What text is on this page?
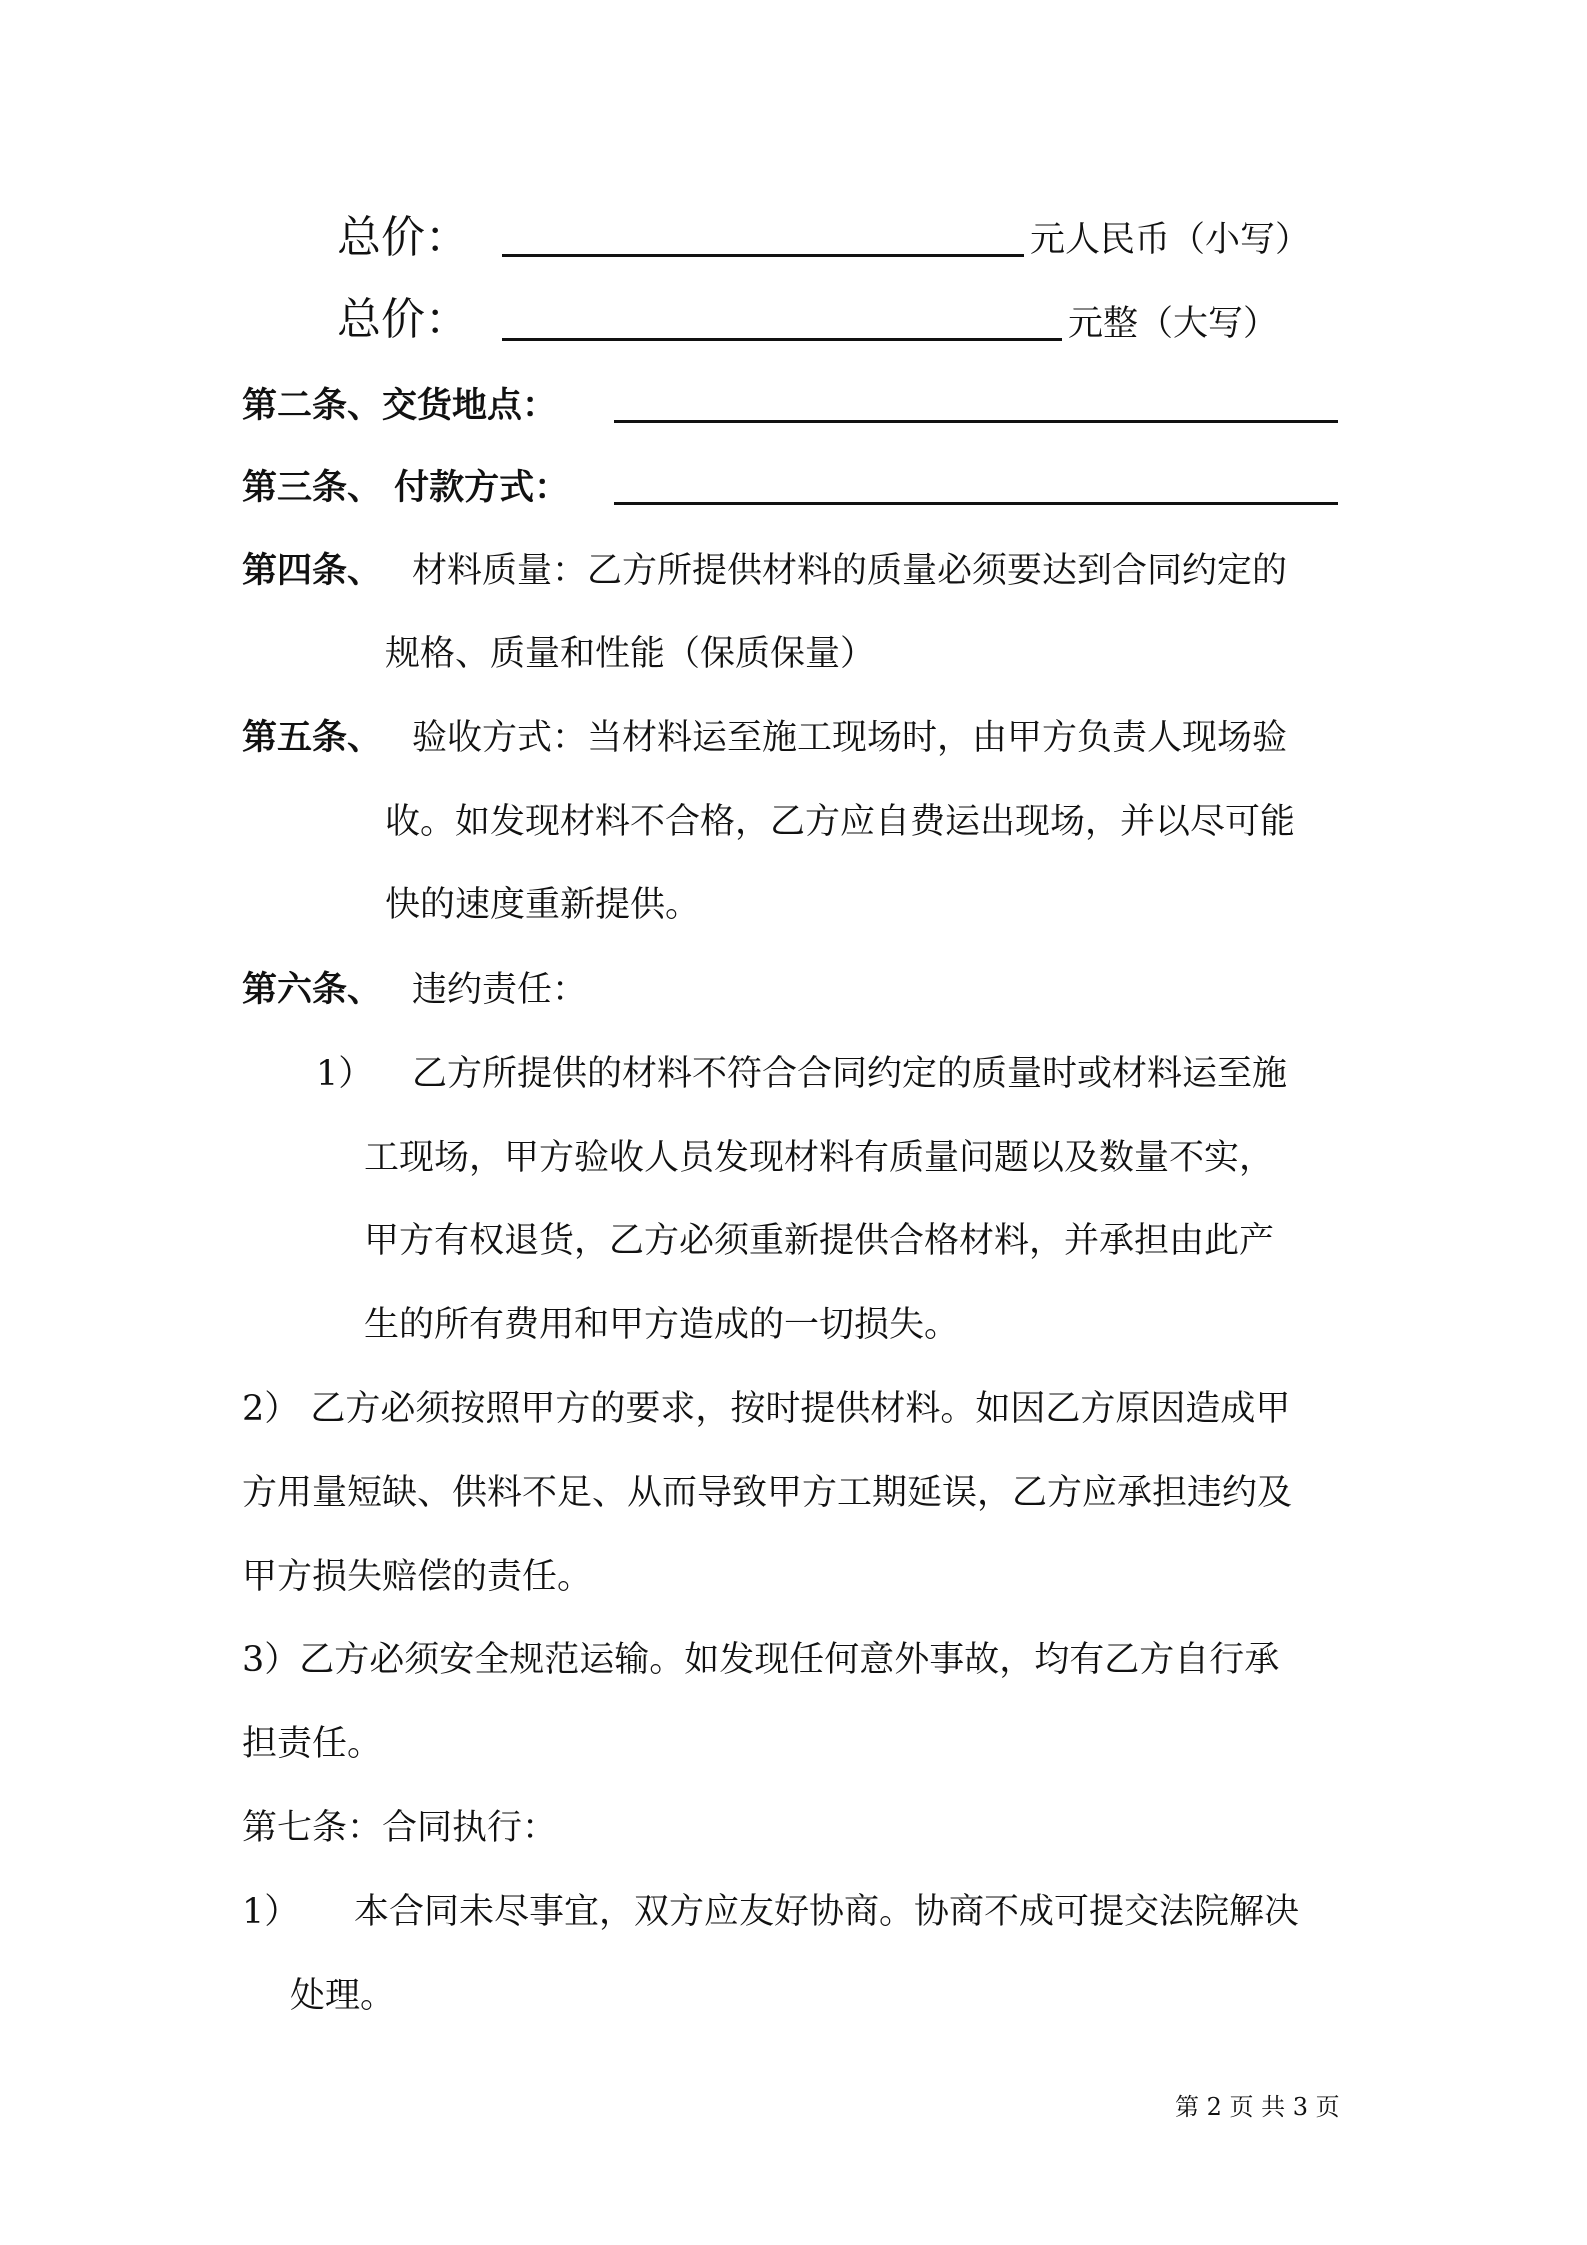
总价：	元人民币（小写）
总价：	元整（大写）
第二条、交货地点：
第三条、 付款方式：
第四条、 材料质量：乙方所提供材料的质量必须要达到合同约定的
规格、质量和性能（保质保量）
第五条、 验收方式：当材料运至施工现场时，由甲方负责人现场验
收。如发现材料不合格，乙方应自费运出现场，并以尽可能
快的速度重新提供。
第六条、 违约责任：
1） 乙方所提供的材料不符合合同约定的质量时或材料运至施
工现场，甲方验收人员发现材料有质量问题以及数量不实，
甲方有权退货，乙方必须重新提供合格材料，并承担由此产
生的所有费用和甲方造成的一切损失。
2） 乙方必须按照甲方的要求，按时提供材料。如因乙方原因造成甲
方用量短缺、供料不足、从而导致甲方工期延误，乙方应承担违约及
甲方损失赔偿的责任。
3）乙方必须安全规范运输。如发现任何意外事故，均有乙方自行承
担责任。
第七条：合同执行：
1） 本合同未尽事宜，双方应友好协商。协商不成可提交法院解决
处理。
第 2 页 共 3 页
